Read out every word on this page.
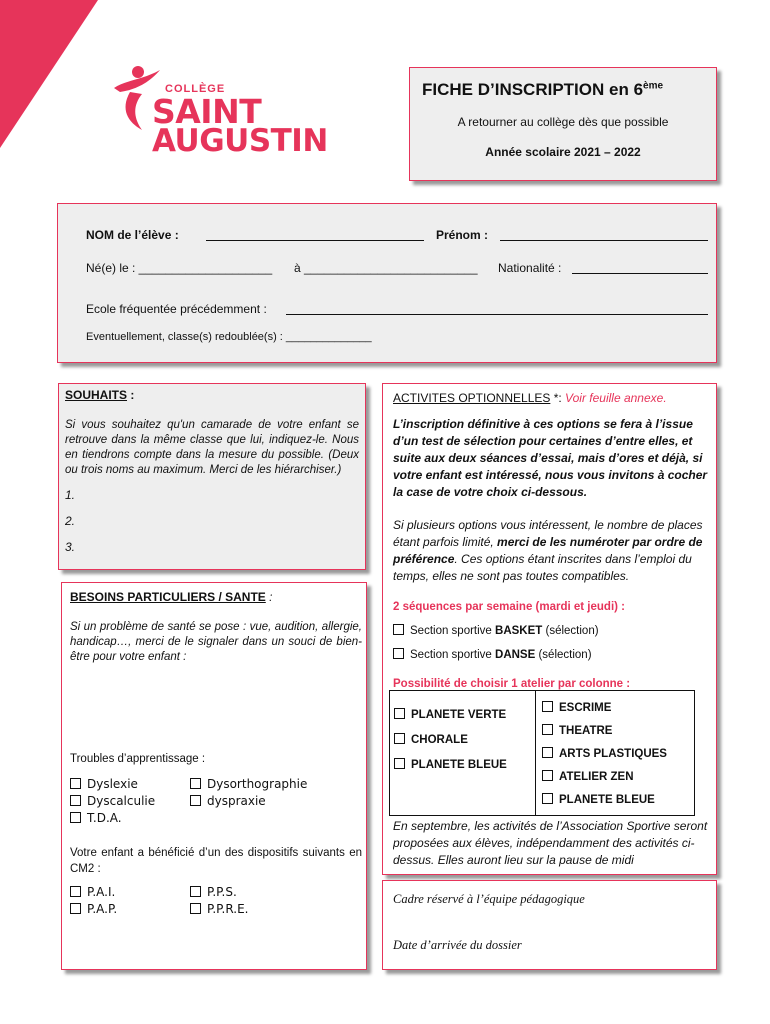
COLLÈGE
SAINT
AUGUSTIN
FICHE D’INSCRIPTION en 6ème
A retourner au collège dès que possible
Année scolaire 2021 – 2022
NOM de l’élève :	Prénom :
Né(e) le : ____________________ à __________________________ Nationalité :
Ecole fréquentée précédemment :
Eventuellement, classe(s) redoublée(s) : ______________
SOUHAITS :
Si vous souhaitez qu'un camarade de votre enfant se retrouve dans la même classe que lui, indiquez-le. Nous en tiendrons compte dans la mesure du possible. (Deux ou trois noms au maximum. Merci de les hiérarchiser.)
1.
2.
3.
BESOINS PARTICULIERS / SANTE :
Si un problème de santé se pose : vue, audition, allergie, handicap…, merci de le signaler dans un souci de bien-être pour votre enfant :
Troubles d’apprentissage :
Dyslexie
Dyscalculie
T.D.A.
Dysorthographie
dyspraxie
Votre enfant a bénéficié d’un des dispositifs suivants en CM2 :
P.A.I.
P.A.P.
P.P.S.
P.P.R.E.
ACTIVITES OPTIONNELLES *: Voir feuille annexe.
L’inscription définitive à ces options se fera à l’issue d’un test de sélection pour certaines d’entre elles, et suite aux deux séances d’essai, mais d’ores et déjà, si votre enfant est intéressé, nous vous invitons à cocher la case de votre choix ci-dessous.
Si plusieurs options vous intéressent, le nombre de places étant parfois limité, merci de les numéroter par ordre de préférence. Ces options étant inscrites dans l’emploi du temps, elles ne sont pas toutes compatibles.
2 séquences par semaine (mardi et jeudi) :
Section sportive BASKET (sélection)
Section sportive DANSE (sélection)
Possibilité de choisir 1 atelier par colonne :
PLANETE VERTE
CHORALE
PLANETE BLEUE
ESCRIME
THEATRE
ARTS PLASTIQUES
ATELIER ZEN
PLANETE BLEUE
En septembre, les activités de l’Association Sportive seront proposées aux élèves, indépendamment des activités ci-dessus. Elles auront lieu sur la pause de midi
Cadre réservé à l’équipe pédagogique
Date d’arrivée du dossier
